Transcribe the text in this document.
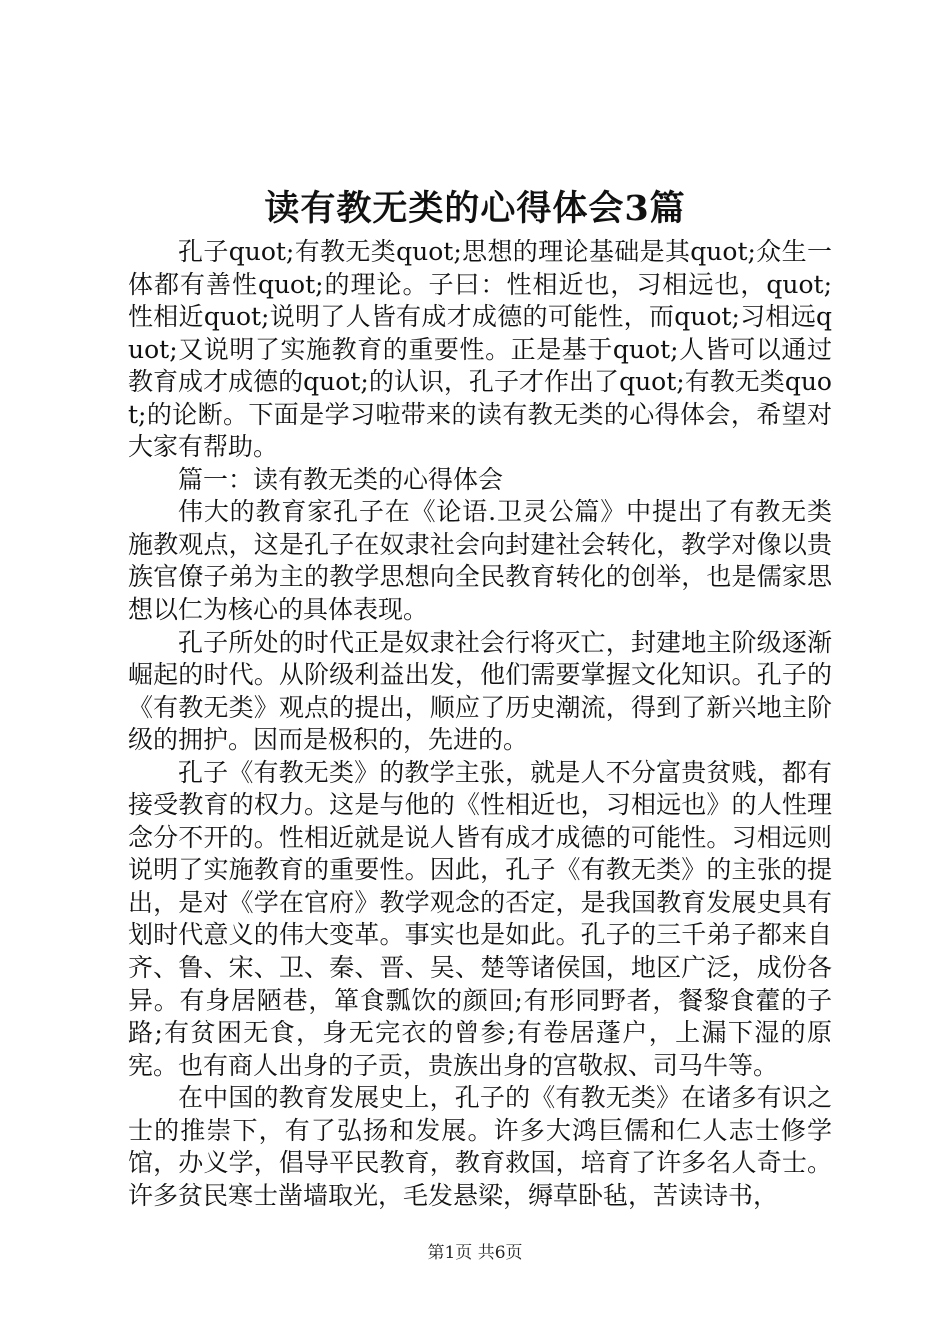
读有教无类的心得体会3篇

孔子quot;有教无类quot;思想的理论基础是其quot;众生一体都有善性quot;的理论。子曰：性相近也，习相远也，quot;性相近quot;说明了人皆有成才成德的可能性，而quot;习相远quot;又说明了实施教育的重要性。正是基于quot;人皆可以通过教育成才成德的quot;的认识，孔子才作出了quot;有教无类quot;的论断。下面是学习啦带来的读有教无类的心得体会，希望对大家有帮助。

篇一：读有教无类的心得体会

伟大的教育家孔子在《论语.卫灵公篇》中提出了有教无类施教观点，这是孔子在奴隶社会向封建社会转化，教学对像以贵族官僚子弟为主的教学思想向全民教育转化的创举，也是儒家思想以仁为核心的具体表现。

孔子所处的时代正是奴隶社会行将灭亡，封建地主阶级逐渐崛起的时代。从阶级利益出发，他们需要掌握文化知识。孔子的《有教无类》观点的提出，顺应了历史潮流，得到了新兴地主阶级的拥护。因而是极积的，先进的。

孔子《有教无类》的教学主张，就是人不分富贵贫贱，都有接受教育的权力。这是与他的《性相近也，习相远也》的人性理念分不开的。性相近就是说人皆有成才成德的可能性。习相远则说明了实施教育的重要性。因此，孔子《有教无类》的主张的提出，是对《学在官府》教学观念的否定，是我国教育发展史具有划时代意义的伟大变革。事实也是如此。孔子的三千弟子都来自齐、鲁、宋、卫、秦、晋、吴、楚等诸侯国，地区广泛，成份各异。有身居陋巷，箪食瓢饮的颜回;有形同野者，餐黎食藿的子路;有贫困无食，身无完衣的曾参;有卷居蓬户，上漏下湿的原宪。也有商人出身的子贡，贵族出身的宫敬叔、司马牛等。

在中国的教育发展史上，孔子的《有教无类》在诸多有识之士的推崇下，有了弘扬和发展。许多大鸿巨儒和仁人志士修学馆，办义学，倡导平民教育，教育救国，培育了许多名人奇士。许多贫民寒士凿墙取光，毛发悬梁，缛草卧毡，苦读诗书，

第1页 共6页
